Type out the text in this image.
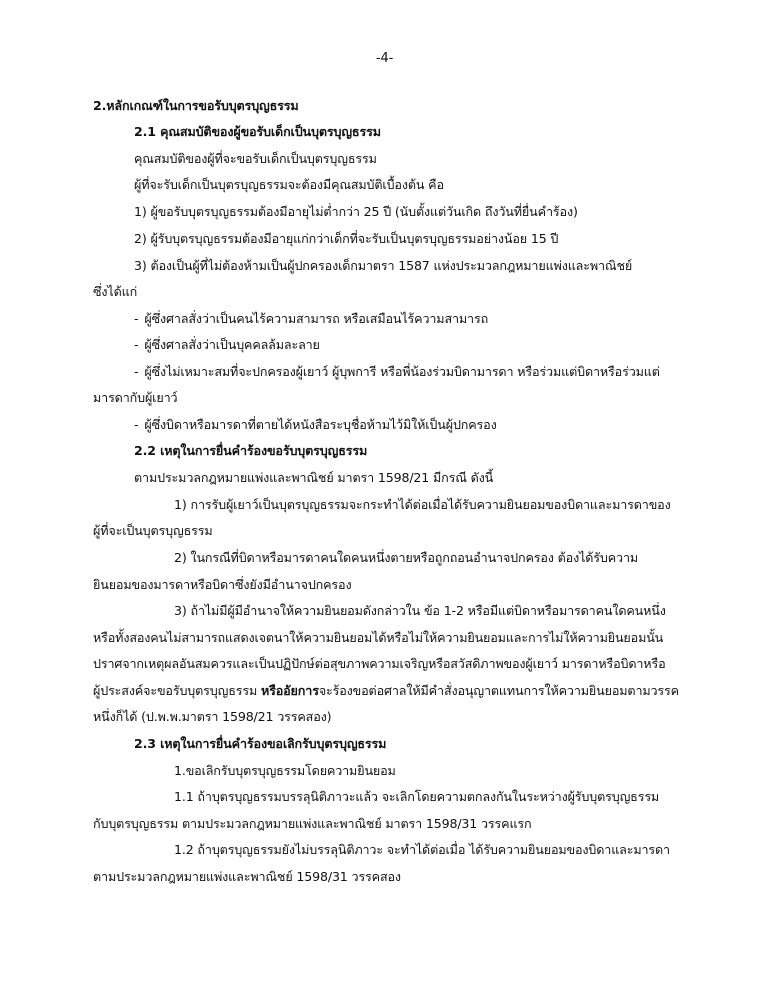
-4-
2.หลักเกณฑ์ในการขอรับบุตรบุญธรรม
2.1 คุณสมบัติของผู้ขอรับเด็กเป็นบุตรบุญธรรม
คุณสมบัติของผู้ที่จะขอรับเด็กเป็นบุตรบุญธรรม
ผู้ที่จะรับเด็กเป็นบุตรบุญธรรมจะต้องมีคุณสมบัติเบื้องต้น คือ
1) ผู้ขอรับบุตรบุญธรรมต้องมีอายุไม่ต่ำกว่า 25 ปี (นับตั้งแต่วันเกิด ถึงวันที่ยื่นคำร้อง)
2) ผู้รับบุตรบุญธรรมต้องมีอายุแก่กว่าเด็กที่จะรับเป็นบุตรบุญธรรมอย่างน้อย 15 ปี
3) ต้องเป็นผู้ที่ไม่ต้องห้ามเป็นผู้ปกครองเด็กมาตรา 1587 แห่งประมวลกฎหมายแพ่งและพาณิชย์
ซึ่งได้แก่
- ผู้ซึ่งศาลสั่งว่าเป็นคนไร้ความสามารถ หรือเสมือนไร้ความสามารถ
- ผู้ซึ่งศาลสั่งว่าเป็นบุคคลล้มละลาย
- ผู้ซึ่งไม่เหมาะสมที่จะปกครองผู้เยาว์ ผู้บุพการี หรือพี่น้องร่วมบิดามารดา หรือร่วมแต่บิดาหรือร่วมแต่
มารดากับผู้เยาว์
- ผู้ซึ่งบิดาหรือมารดาที่ตายได้หนังสือระบุชื่อห้ามไว้มิให้เป็นผู้ปกครอง
2.2 เหตุในการยื่นคำร้องขอรับบุตรบุญธรรม
ตามประมวลกฎหมายแพ่งและพาณิชย์ มาตรา 1598/21 มีกรณี ดังนี้
1) การรับผู้เยาว์เป็นบุตรบุญธรรมจะกระทำได้ต่อเมื่อได้รับความยินยอมของบิดาและมารดาของ
ผู้ที่จะเป็นบุตรบุญธรรม
2) ในกรณีที่บิดาหรือมารดาคนใดคนหนึ่งตายหรือถูกถอนอำนาจปกครอง ต้องได้รับความ
ยินยอมของมารดาหรือบิดาซึ่งยังมีอำนาจปกครอง
3) ถ้าไม่มีผู้มีอำนาจให้ความยินยอมดังกล่าวใน ข้อ 1-2 หรือมีแต่บิดาหรือมารดาคนใดคนหนึ่ง
หรือทั้งสองคนไม่สามารถแสดงเจตนาให้ความยินยอมได้หรือไม่ให้ความยินยอมและการไม่ให้ความยินยอมนั้น
ปราศจากเหตุผลอันสมควรและเป็นปฏิปักษ์ต่อสุขภาพความเจริญหรือสวัสดิภาพของผู้เยาว์ มารดาหรือบิดาหรือ
ผู้ประสงค์จะขอรับบุตรบุญธรรม หรืออัยการจะร้องขอต่อศาลให้มีคำสั่งอนุญาตแทนการให้ความยินยอมตามวรรค
หนึ่งก็ได้ (ป.พ.พ.มาตรา 1598/21 วรรคสอง)
2.3 เหตุในการยื่นคำร้องขอเลิกรับบุตรบุญธรรม
1.ขอเลิกรับบุตรบุญธรรมโดยความยินยอม
1.1 ถ้าบุตรบุญธรรมบรรลุนิติภาวะแล้ว จะเลิกโดยความตกลงกันในระหว่างผู้รับบุตรบุญธรรม
กับบุตรบุญธรรม ตามประมวลกฎหมายแพ่งและพาณิชย์ มาตรา 1598/31 วรรคแรก
1.2 ถ้าบุตรบุญธรรมยังไม่บรรลุนิติภาวะ จะทำได้ต่อเมื่อ ได้รับความยินยอมของบิดาและมารดา
ตามประมวลกฎหมายแพ่งและพาณิชย์ 1598/31 วรรคสอง
